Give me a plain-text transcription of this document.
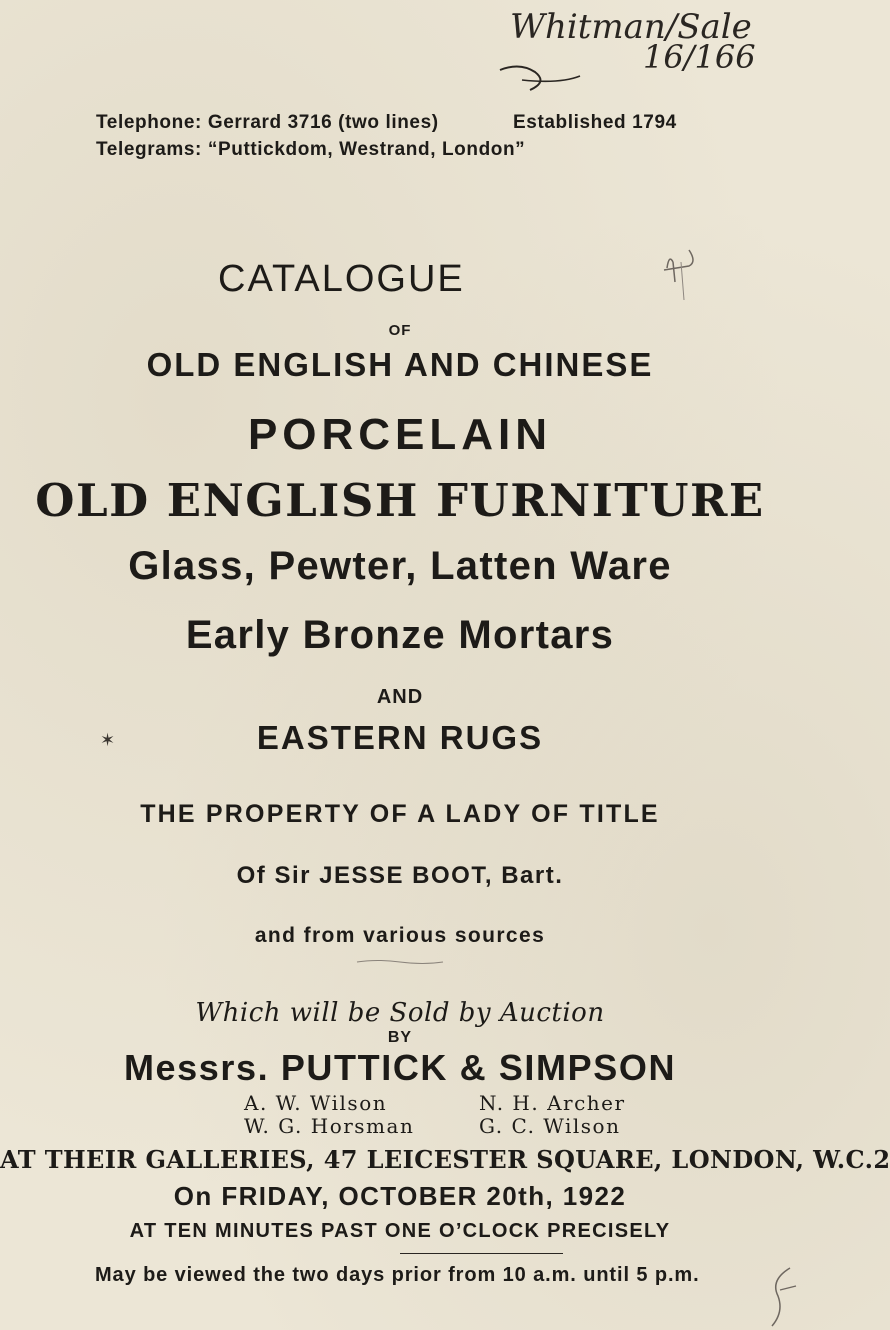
Whitman/Sale
16/166
Telephone: Gerrard 3716 (two lines)	Established 1794
Telegrams: “Puttickdom, Westrand, London”
CATALOGUE
OF
OLD ENGLISH AND CHINESE
PORCELAIN
OLD ENGLISH FURNITURE
Glass, Pewter, Latten Ware
Early Bronze Mortars
AND
✶	EASTERN RUGS
THE PROPERTY OF A LADY OF TITLE
Of Sir JESSE BOOT, Bart.
and from various sources
Which will be Sold by Auction
BY
Messrs. PUTTICK & SIMPSON
A. W. Wilson	N. H. Archer
W. G. Horsman	G. C. Wilson
AT THEIR GALLERIES, 47 LEICESTER SQUARE, LONDON, W.C.2
On FRIDAY, OCTOBER 20th, 1922
AT TEN MINUTES PAST ONE O’CLOCK PRECISELY
May be viewed the two days prior from 10 a.m. until 5 p.m.
